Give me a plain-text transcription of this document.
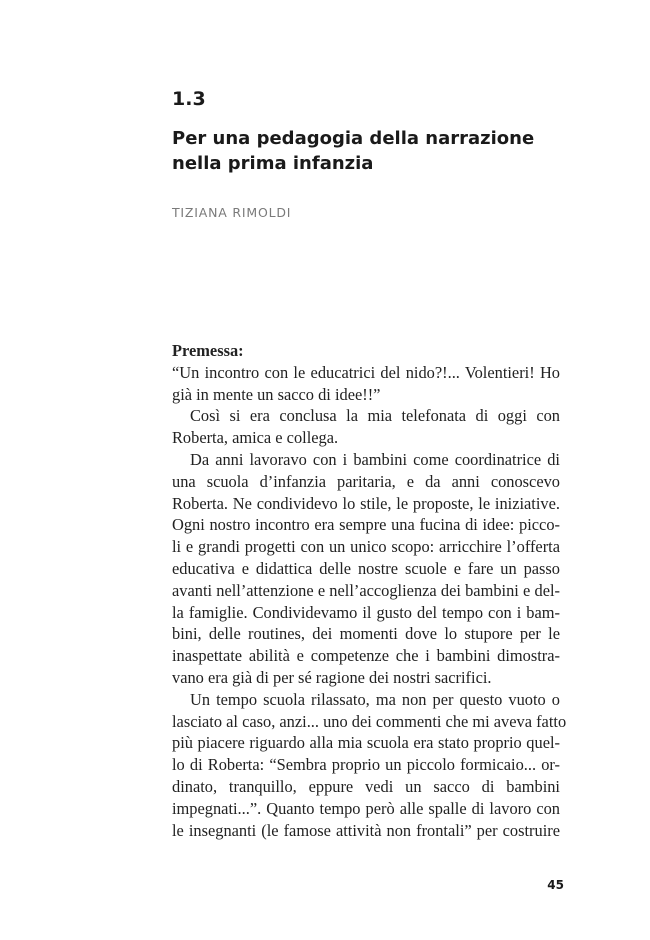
1.3
Per una pedagogia della narrazione
nella prima infanzia
TIZIANA RIMOLDI
Premessa:
“Un incontro con le educatrici del nido?!... Volentieri! Ho
già in mente un sacco di idee!!”
Così si era conclusa la mia telefonata di oggi con
Roberta, amica e collega.
Da anni lavoravo con i bambini come coordinatrice di
una scuola d’infanzia paritaria, e da anni conoscevo
Roberta. Ne condividevo lo stile, le proposte, le iniziative.
Ogni nostro incontro era sempre una fucina di idee: picco-
li e grandi progetti con un unico scopo: arricchire l’offerta
educativa e didattica delle nostre scuole e fare un passo
avanti nell’attenzione e nell’accoglienza dei bambini e del-
la famiglie. Condividevamo il gusto del tempo con i bam-
bini, delle routines, dei momenti dove lo stupore per le
inaspettate abilità e competenze che i bambini dimostra-
vano era già di per sé ragione dei nostri sacrifici.
Un tempo scuola rilassato, ma non per questo vuoto o
lasciato al caso, anzi... uno dei commenti che mi aveva fatto
più piacere riguardo alla mia scuola era stato proprio quel-
lo di Roberta: “Sembra proprio un piccolo formicaio... or-
dinato, tranquillo, eppure vedi un sacco di bambini
impegnati...”. Quanto tempo però alle spalle di lavoro con
le insegnanti (le famose attività non frontali” per costruire
45
